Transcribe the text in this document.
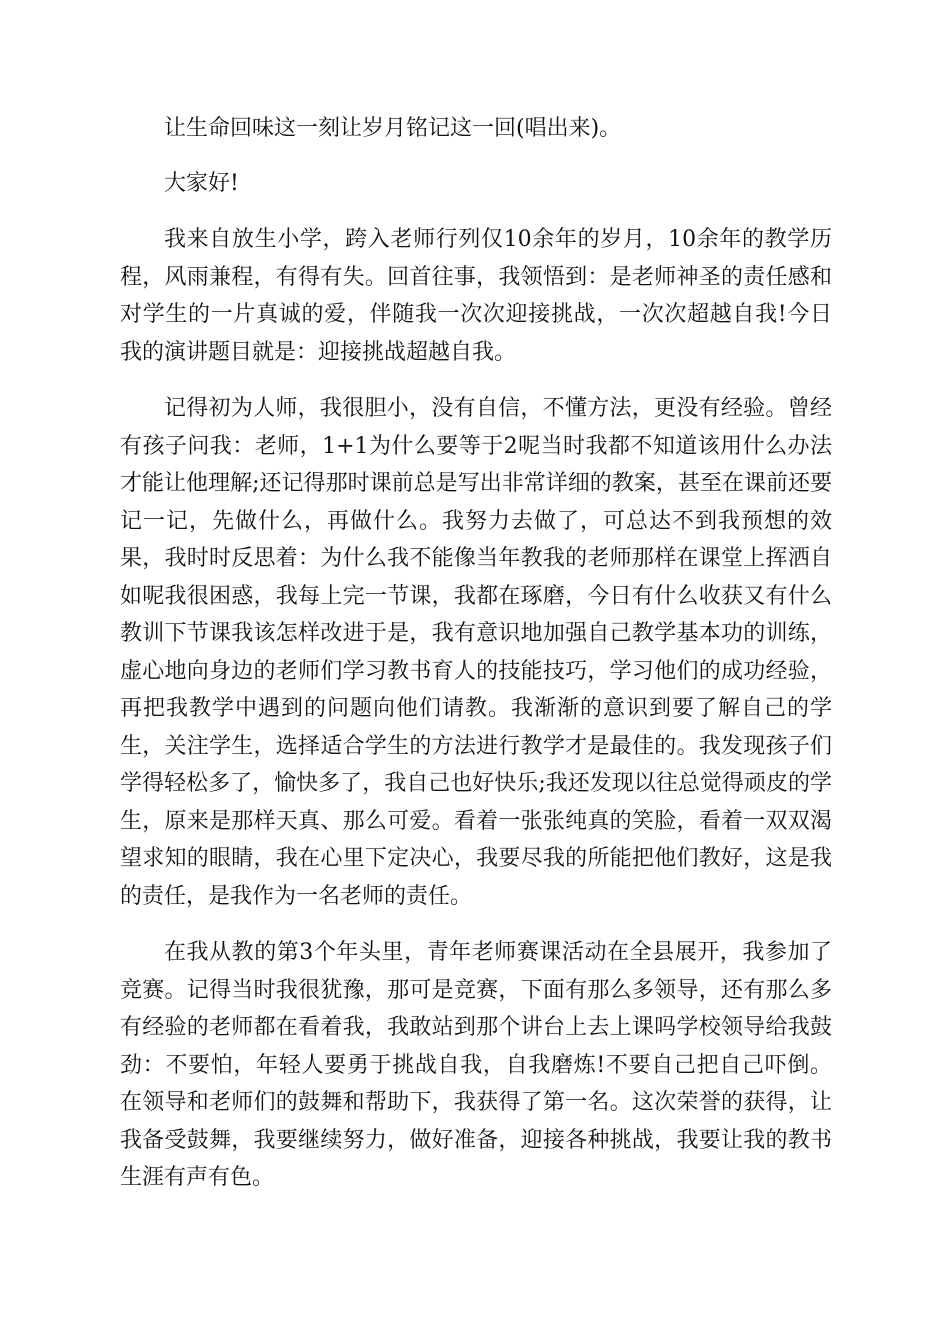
让生命回味这一刻让岁月铭记这一回(唱出来)。

大家好!

我来自放生小学，跨入老师行列仅10余年的岁月，10余年的教学历程，风雨兼程，有得有失。回首往事，我领悟到：是老师神圣的责任感和对学生的一片真诚的爱，伴随我一次次迎接挑战，一次次超越自我!今日我的演讲题目就是：迎接挑战超越自我。

记得初为人师，我很胆小，没有自信，不懂方法，更没有经验。曾经有孩子问我：老师，1+1为什么要等于2呢当时我都不知道该用什么办法才能让他理解;还记得那时课前总是写出非常详细的教案，甚至在课前还要记一记，先做什么，再做什么。我努力去做了，可总达不到我预想的效果，我时时反思着：为什么我不能像当年教我的老师那样在课堂上挥洒自如呢我很困惑，我每上完一节课，我都在琢磨，今日有什么收获又有什么教训下节课我该怎样改进于是，我有意识地加强自己教学基本功的训练，虚心地向身边的老师们学习教书育人的技能技巧，学习他们的成功经验，再把我教学中遇到的问题向他们请教。我渐渐的意识到要了解自己的学生，关注学生，选择适合学生的方法进行教学才是最佳的。我发现孩子们学得轻松多了，愉快多了，我自己也好快乐;我还发现以往总觉得顽皮的学生，原来是那样天真、那么可爱。看着一张张纯真的笑脸，看着一双双渴望求知的眼睛，我在心里下定决心，我要尽我的所能把他们教好，这是我的责任，是我作为一名老师的责任。

在我从教的第3个年头里，青年老师赛课活动在全县展开，我参加了竞赛。记得当时我很犹豫，那可是竞赛，下面有那么多领导，还有那么多有经验的老师都在看着我，我敢站到那个讲台上去上课吗学校领导给我鼓劲：不要怕，年轻人要勇于挑战自我，自我磨炼!不要自己把自己吓倒。在领导和老师们的鼓舞和帮助下，我获得了第一名。这次荣誉的获得，让我备受鼓舞，我要继续努力，做好准备，迎接各种挑战，我要让我的教书生涯有声有色。
